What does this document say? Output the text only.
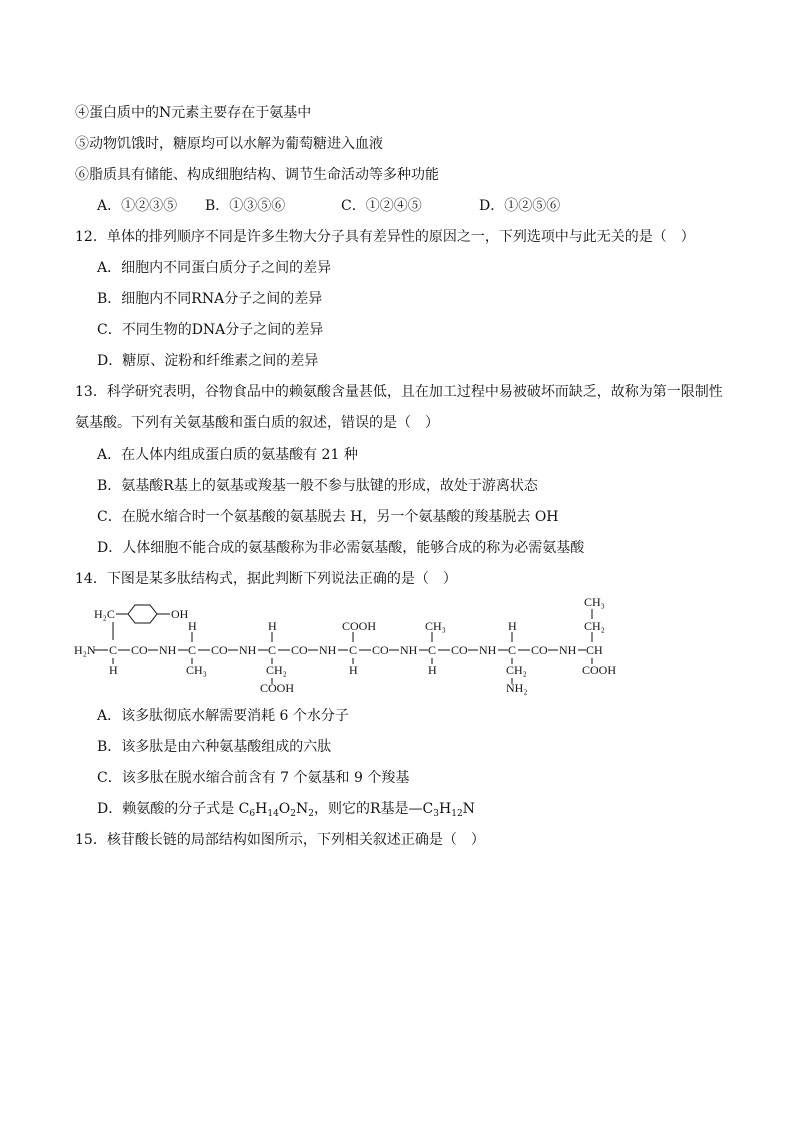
④蛋白质中的N元素主要存在于氨基中
⑤动物饥饿时，糖原均可以水解为葡萄糖进入血液
⑥脂质具有储能、构成细胞结构、调节生命活动等多种功能
A．①②③⑤ B．①③⑤⑥	C．①②④⑤	D．①②⑤⑥
12．单体的排列顺序不同是许多生物大分子具有差异性的原因之一，下列选项中与此无关的是（　）
A．细胞内不同蛋白质分子之间的差异
B．细胞内不同RNA分子之间的差异
C．不同生物的DNA分子之间的差异
D．糖原、淀粉和纤维素之间的差异
13．科学研究表明，谷物食品中的赖氨酸含量甚低，且在加工过程中易被破坏而缺乏，故称为第一限制性
氨基酸。下列有关氨基酸和蛋白质的叙述，错误的是（　）
A．在人体内组成蛋白质的氨基酸有 21 种
B．氨基酸R基上的氨基或羧基一般不参与肽键的形成，故处于游离状态
C．在脱水缩合时一个氨基酸的氨基脱去 H，另一个氨基酸的羧基脱去 OH
D．人体细胞不能合成的氨基酸称为非必需氨基酸，能够合成的称为必需氨基酸
14．下图是某多肽结构式，据此判断下列说法正确的是（　）
H₂C	OH
H₂N C CO NH
H
H
C CO NH
CH₃
H
C CO NH
CH₂
COOH
COOH
C CO NH
H
CH₃
C CO NH
H
H
C CO NH
CH₂
NH₂
CH₃
CH₂
CH
COOH
A．该多肽彻底水解需要消耗 6 个水分子
B．该多肽是由六种氨基酸组成的六肽
C．该多肽在脱水缩合前含有 7 个氨基和 9 个羧基
D．赖氨酸的分子式是 $C_6H_{14}O_2N_2$，则它的R基是$—C_3H_{12}N$
15．核苷酸长链的局部结构如图所示，下列相关叙述正确是（　）
